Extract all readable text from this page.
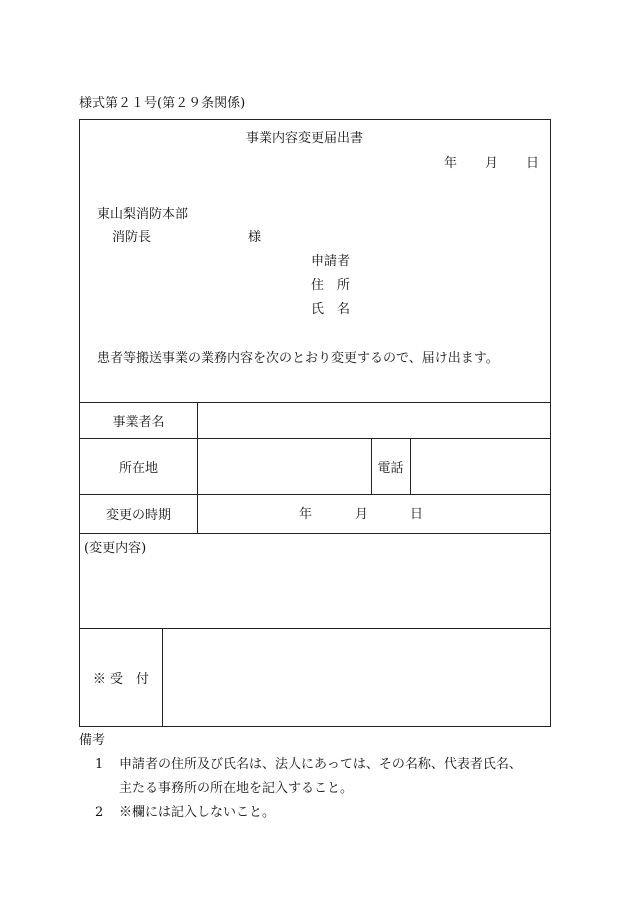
様式第２１号(第２９条関係)
事業内容変更届出書
年 月 日
東山梨消防本部
消防長	様
申請者
住　所
氏　名
患者等搬送事業の業務内容を次のとおり変更するので、届け出ます。
事業者名
所在地	電話
変更の時期	年	月	日
(変更内容)
※ 受　付
備考
1 申請者の住所及び氏名は、法人にあっては、その名称、代表者氏名、
主たる事務所の所在地を記入すること。
2 ※欄には記入しないこと。
